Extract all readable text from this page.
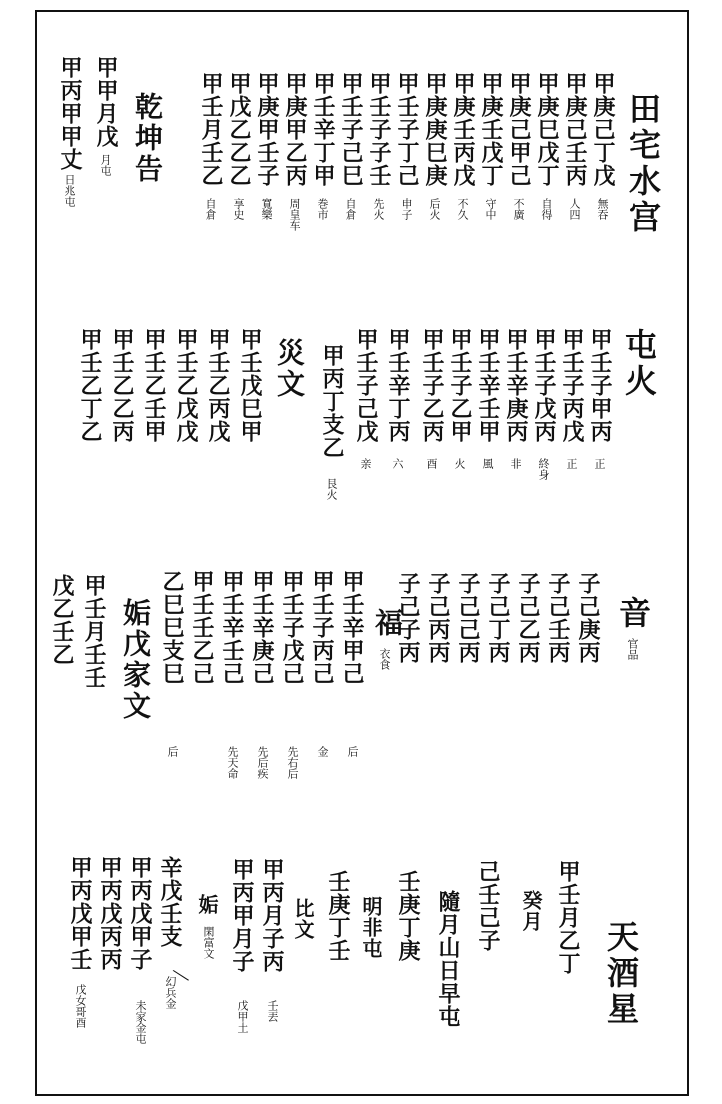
田宅水宫
甲庚己丁戊
無吞
甲庚己壬丙
人四
甲庚巳戊丁
自得
甲庚己甲己
不廣
甲庚壬戊丁
守中
甲庚壬丙戊
不久
甲庚庚巳庚
后火
甲壬子丁己
申子
甲壬子子壬
先火
甲壬子己巳
自倉
甲壬辛丁甲
巻市
甲庚甲乙丙
周皇车
甲庚甲壬子
寬樂
甲戊乙乙乙
享史
甲壬月壬乙
自倉
乾坤告
甲甲月戊
月屯
甲丙甲甲丈
日兆屯
屯火
甲壬子甲丙
正
甲壬子丙戊
正
甲壬子戊丙
終身
甲壬辛庚丙
非
甲壬辛壬甲
風
甲壬子乙甲
火
甲壬子乙丙
酉
甲壬辛丁丙
六
甲壬子己戊
亲
甲丙丁支乙
艮火
災文
甲壬戊巳甲
甲壬乙丙戊
甲壬乙戊戊
甲壬乙壬甲
甲壬乙乙丙
甲壬乙丁乙
音
官品
子己庚丙
子己壬丙
子己乙丙
子己丁丙
子己己丙
子己丙丙
子己子丙
福
衣食
甲壬辛甲己
后
甲壬子丙己
金
甲壬子戊己
先右后
甲壬辛庚己
先后疾
甲壬辛壬己
先天命
甲壬壬乙己
乙巳巳支巳
后
姤戊家文
甲壬月壬壬
戊乙壬乙
天酒星
甲壬月乙丁
癸月
己壬己子
隨月山日早屯
壬庚丁庚
明非屯
壬庚丁壬
比文
甲丙月子丙
壬丟
甲丙甲月子
戊甲土
姤
閑富文
辛戊壬支
幻兵金
甲丙戊甲子
未家金屯
甲丙戊丙丙
甲丙戊甲壬
戊女哥酉
╲
